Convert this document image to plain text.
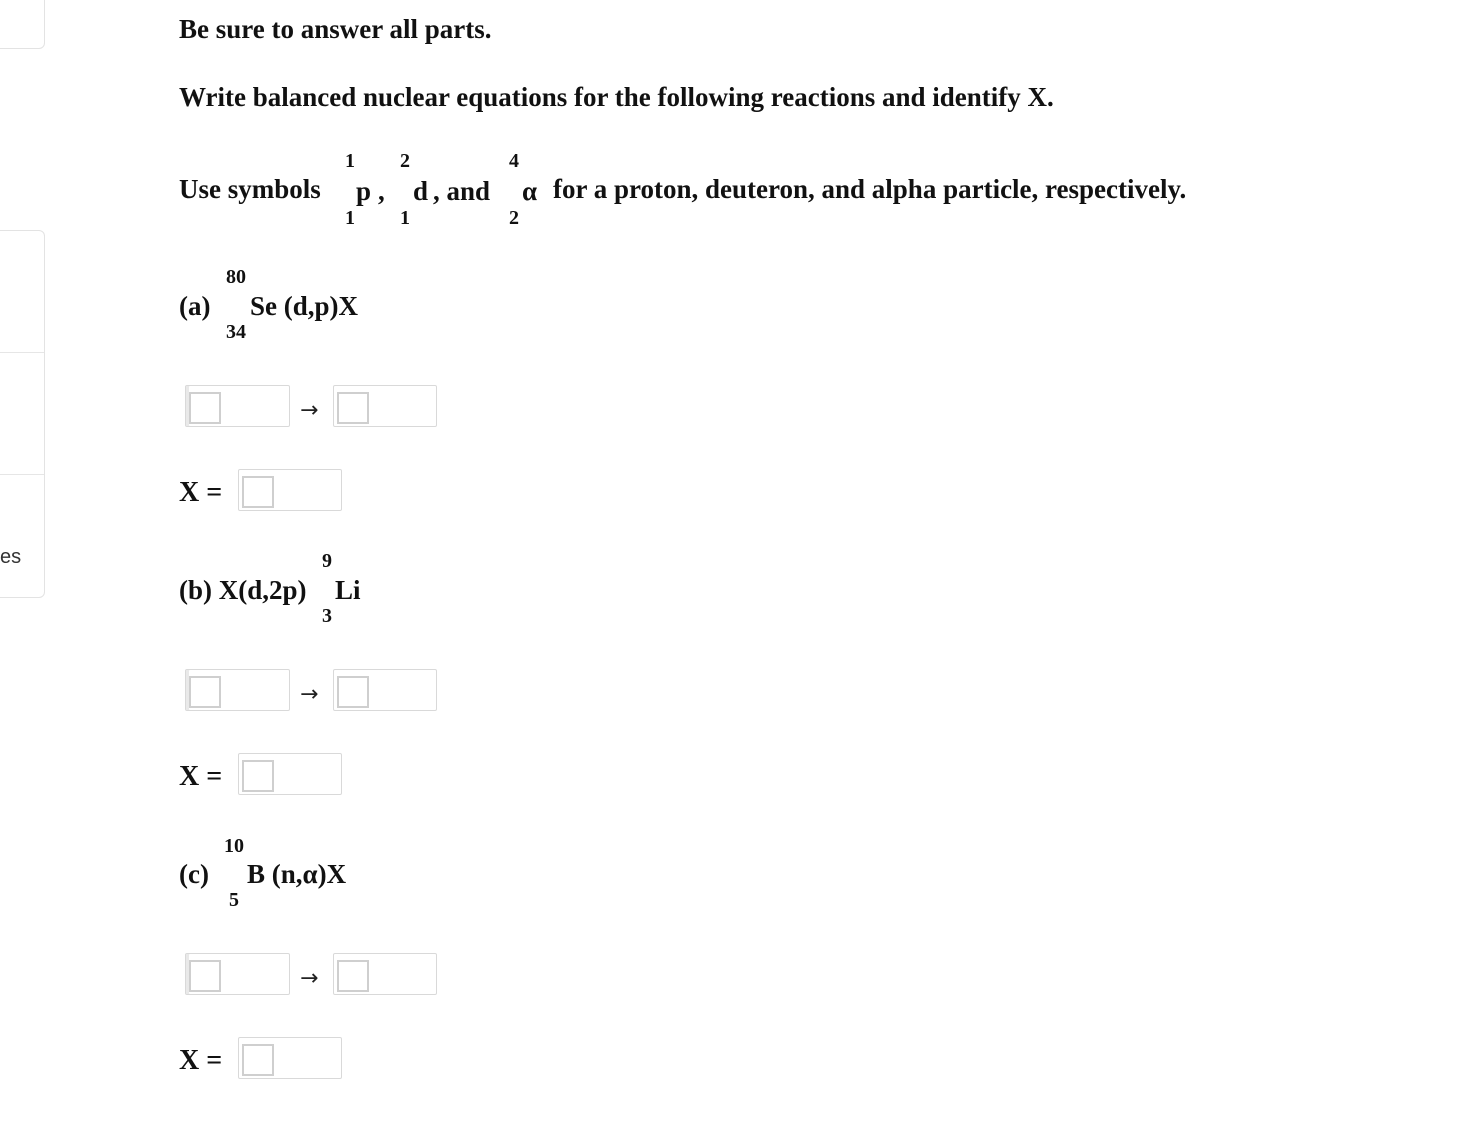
es
Be sure to answer all parts.
Write balanced nuclear equations for the following reactions and identify X.
Use symbols
1
1
p ,
2
1
d , and
4
2
α for a proton, deuteron, and alpha particle, respectively.
(a)
80
34
Se (d,p)X
→
X =
(b) X(d,2p)
9
3
Li
→
X =
(c)
10
5
B (n,α)X
→
X =
